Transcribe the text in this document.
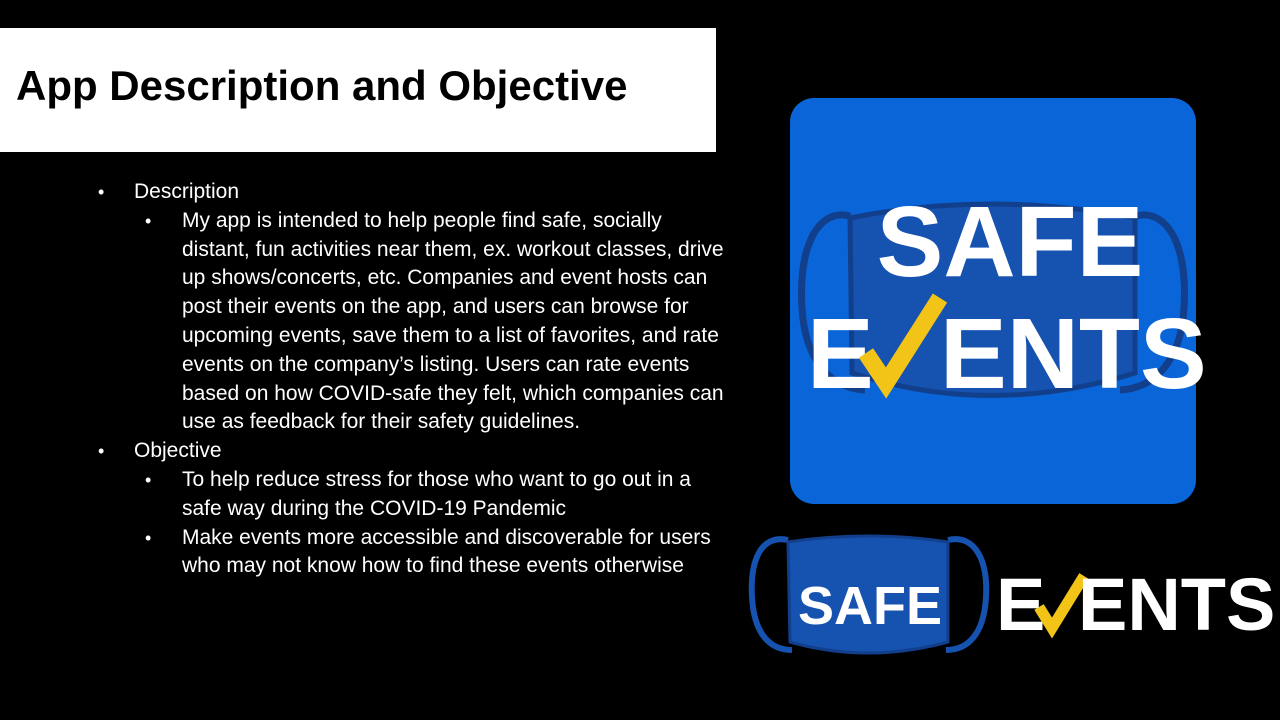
App Description and Objective

• Description

• My app is intended to help people find safe, socially distant, fun activities near them, ex. workout classes, drive up shows/concerts, etc. Companies and event hosts can post their events on the app, and users can browse for upcoming events, save them to a list of favorites, and rate events on the company’s listing. Users can rate events based on how COVID-safe they felt, which companies can use as feedback for their safety guidelines.

• Objective

• To help reduce stress for those who want to go out in a safe way during the COVID-19 Pandemic

• Make events more accessible and discoverable for users who may not know how to find these events otherwise

SAFE
E ENTS
SAFE E ENTS
